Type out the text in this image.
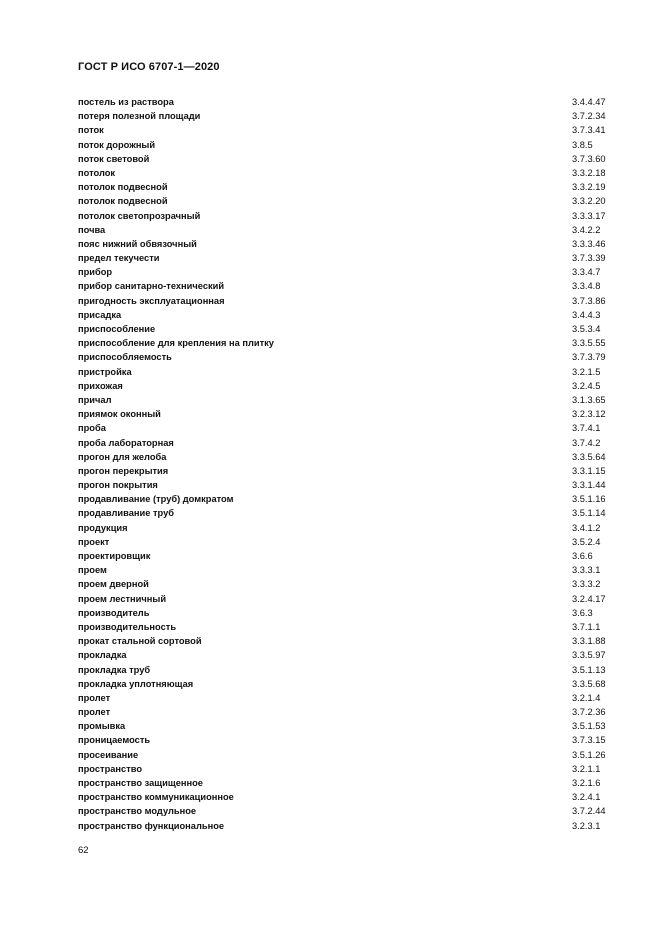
ГОСТ Р ИСО 6707-1—2020
постель из раствора	3.4.4.47
потеря полезной площади	3.7.2.34
поток	3.7.3.41
поток дорожный	3.8.5
поток световой	3.7.3.60
потолок	3.3.2.18
потолок подвесной	3.3.2.19
потолок подвесной	3.3.2.20
потолок светопрозрачный	3.3.3.17
почва	3.4.2.2
пояс нижний обвязочный	3.3.3.46
предел текучести	3.7.3.39
прибор	3.3.4.7
прибор санитарно-технический	3.3.4.8
пригодность эксплуатационная	3.7.3.86
присадка	3.4.4.3
приспособление	3.5.3.4
приспособление для крепления на плитку	3.3.5.55
приспособляемость	3.7.3.79
пристройка	3.2.1.5
прихожая	3.2.4.5
причал	3.1.3.65
приямок оконный	3.2.3.12
проба	3.7.4.1
проба лабораторная	3.7.4.2
прогон для желоба	3.3.5.64
прогон перекрытия	3.3.1.15
прогон покрытия	3.3.1.44
продавливание (труб) домкратом	3.5.1.16
продавливание труб	3.5.1.14
продукция	3.4.1.2
проект	3.5.2.4
проектировщик	3.6.6
проем	3.3.3.1
проем дверной	3.3.3.2
проем лестничный	3.2.4.17
производитель	3.6.3
производительность	3.7.1.1
прокат стальной сортовой	3.3.1.88
прокладка	3.3.5.97
прокладка труб	3.5.1.13
прокладка уплотняющая	3.3.5.68
пролет	3.2.1.4
пролет	3.7.2.36
промывка	3.5.1.53
проницаемость	3.7.3.15
просеивание	3.5.1.26
пространство	3.2.1.1
пространство защищенное	3.2.1.6
пространство коммуникационное	3.2.4.1
пространство модульное	3.7.2.44
пространство функциональное	3.2.3.1
62
